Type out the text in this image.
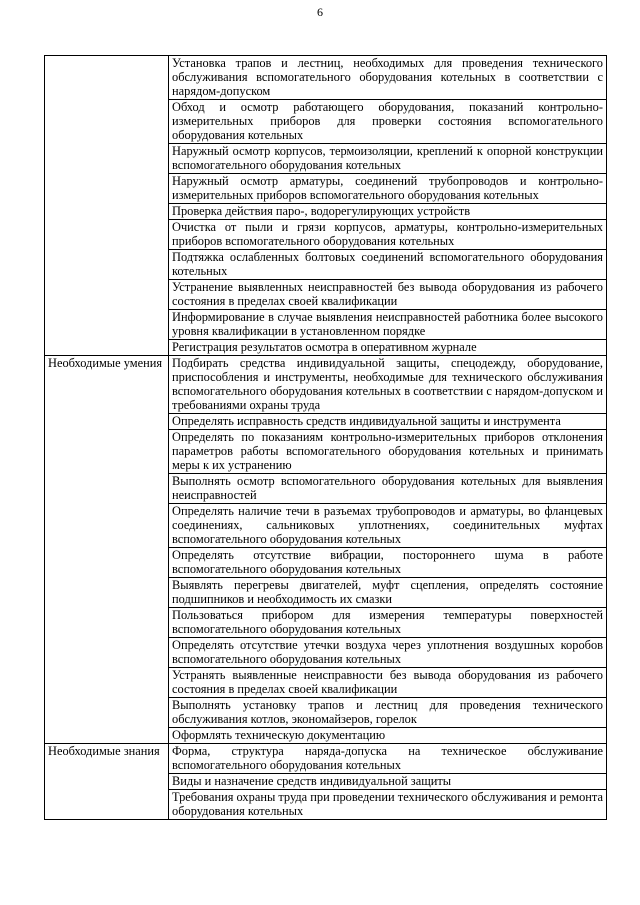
6
	Установка трапов и лестниц, необходимых для проведения технического обслуживания вспомогательного оборудования котельных в соответствии с нарядом-допуском
	Обход и осмотр работающего оборудования, показаний контрольно-измерительных приборов для проверки состояния вспомогательного оборудования котельных
	Наружный осмотр корпусов, термоизоляции, креплений к опорной конструкции вспомогательного оборудования котельных
	Наружный осмотр арматуры, соединений трубопроводов и контрольно-измерительных приборов вспомогательного оборудования котельных
	Проверка действия паро-, водорегулирующих устройств
	Очистка от пыли и грязи корпусов, арматуры, контрольно-измерительных приборов вспомогательного оборудования котельных
	Подтяжка ослабленных болтовых соединений вспомогательного оборудования котельных
	Устранение выявленных неисправностей без вывода оборудования из рабочего состояния в пределах своей квалификации
	Информирование в случае выявления неисправностей работника более высокого уровня квалификации в установленном порядке
	Регистрация результатов осмотра в оперативном журнале
Необходимые умения	Подбирать средства индивидуальной защиты, спецодежду, оборудование, приспособления и инструменты, необходимые для технического обслуживания вспомогательного оборудования котельных в соответствии с нарядом-допуском и требованиями охраны труда
	Определять исправность средств индивидуальной защиты и инструмента
	Определять по показаниям контрольно-измерительных приборов отклонения параметров работы вспомогательного оборудования котельных и принимать меры к их устранению
	Выполнять осмотр вспомогательного оборудования котельных для выявления неисправностей
	Определять наличие течи в разъемах трубопроводов и арматуры, во фланцевых соединениях, сальниковых уплотнениях, соединительных муфтах вспомогательного оборудования котельных
	Определять отсутствие вибрации, постороннего шума в работе вспомогательного оборудования котельных
	Выявлять перегревы двигателей, муфт сцепления, определять состояние подшипников и необходимость их смазки
	Пользоваться прибором для измерения температуры поверхностей вспомогательного оборудования котельных
	Определять отсутствие утечки воздуха через уплотнения воздушных коробов вспомогательного оборудования котельных
	Устранять выявленные неисправности без вывода оборудования из рабочего состояния в пределах своей квалификации
	Выполнять установку трапов и лестниц для проведения технического обслуживания котлов, экономайзеров, горелок
	Оформлять техническую документацию
Необходимые знания	Форма, структура наряда-допуска на техническое обслуживание вспомогательного оборудования котельных
	Виды и назначение средств индивидуальной защиты
	Требования охраны труда при проведении технического обслуживания и ремонта оборудования котельных
